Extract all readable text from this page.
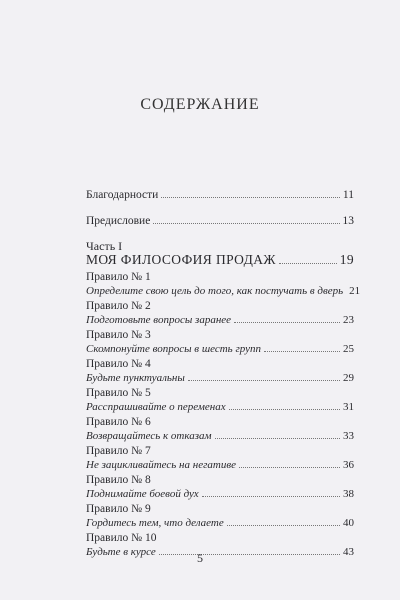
СОДЕРЖАНИЕ
Благодарности	11
Предисловие	13
Часть I
МОЯ ФИЛОСОФИЯ ПРОДАЖ	19
Правило № 1
Определите свою цель до того, как постучать в дверь 21
Правило № 2
Подготовьте вопросы заранее	23
Правило № 3
Скомпонуйте вопросы в шесть групп	25
Правило № 4
Будьте пунктуальны	29
Правило № 5
Расспрашивайте о переменах	31
Правило № 6
Возвращайтесь к отказам	33
Правило № 7
Не зацикливайтесь на негативе	36
Правило № 8
Поднимайте боевой дух	38
Правило № 9
Гордитесь тем, что делаете	40
Правило № 10
Будьте в курсе	43
5
